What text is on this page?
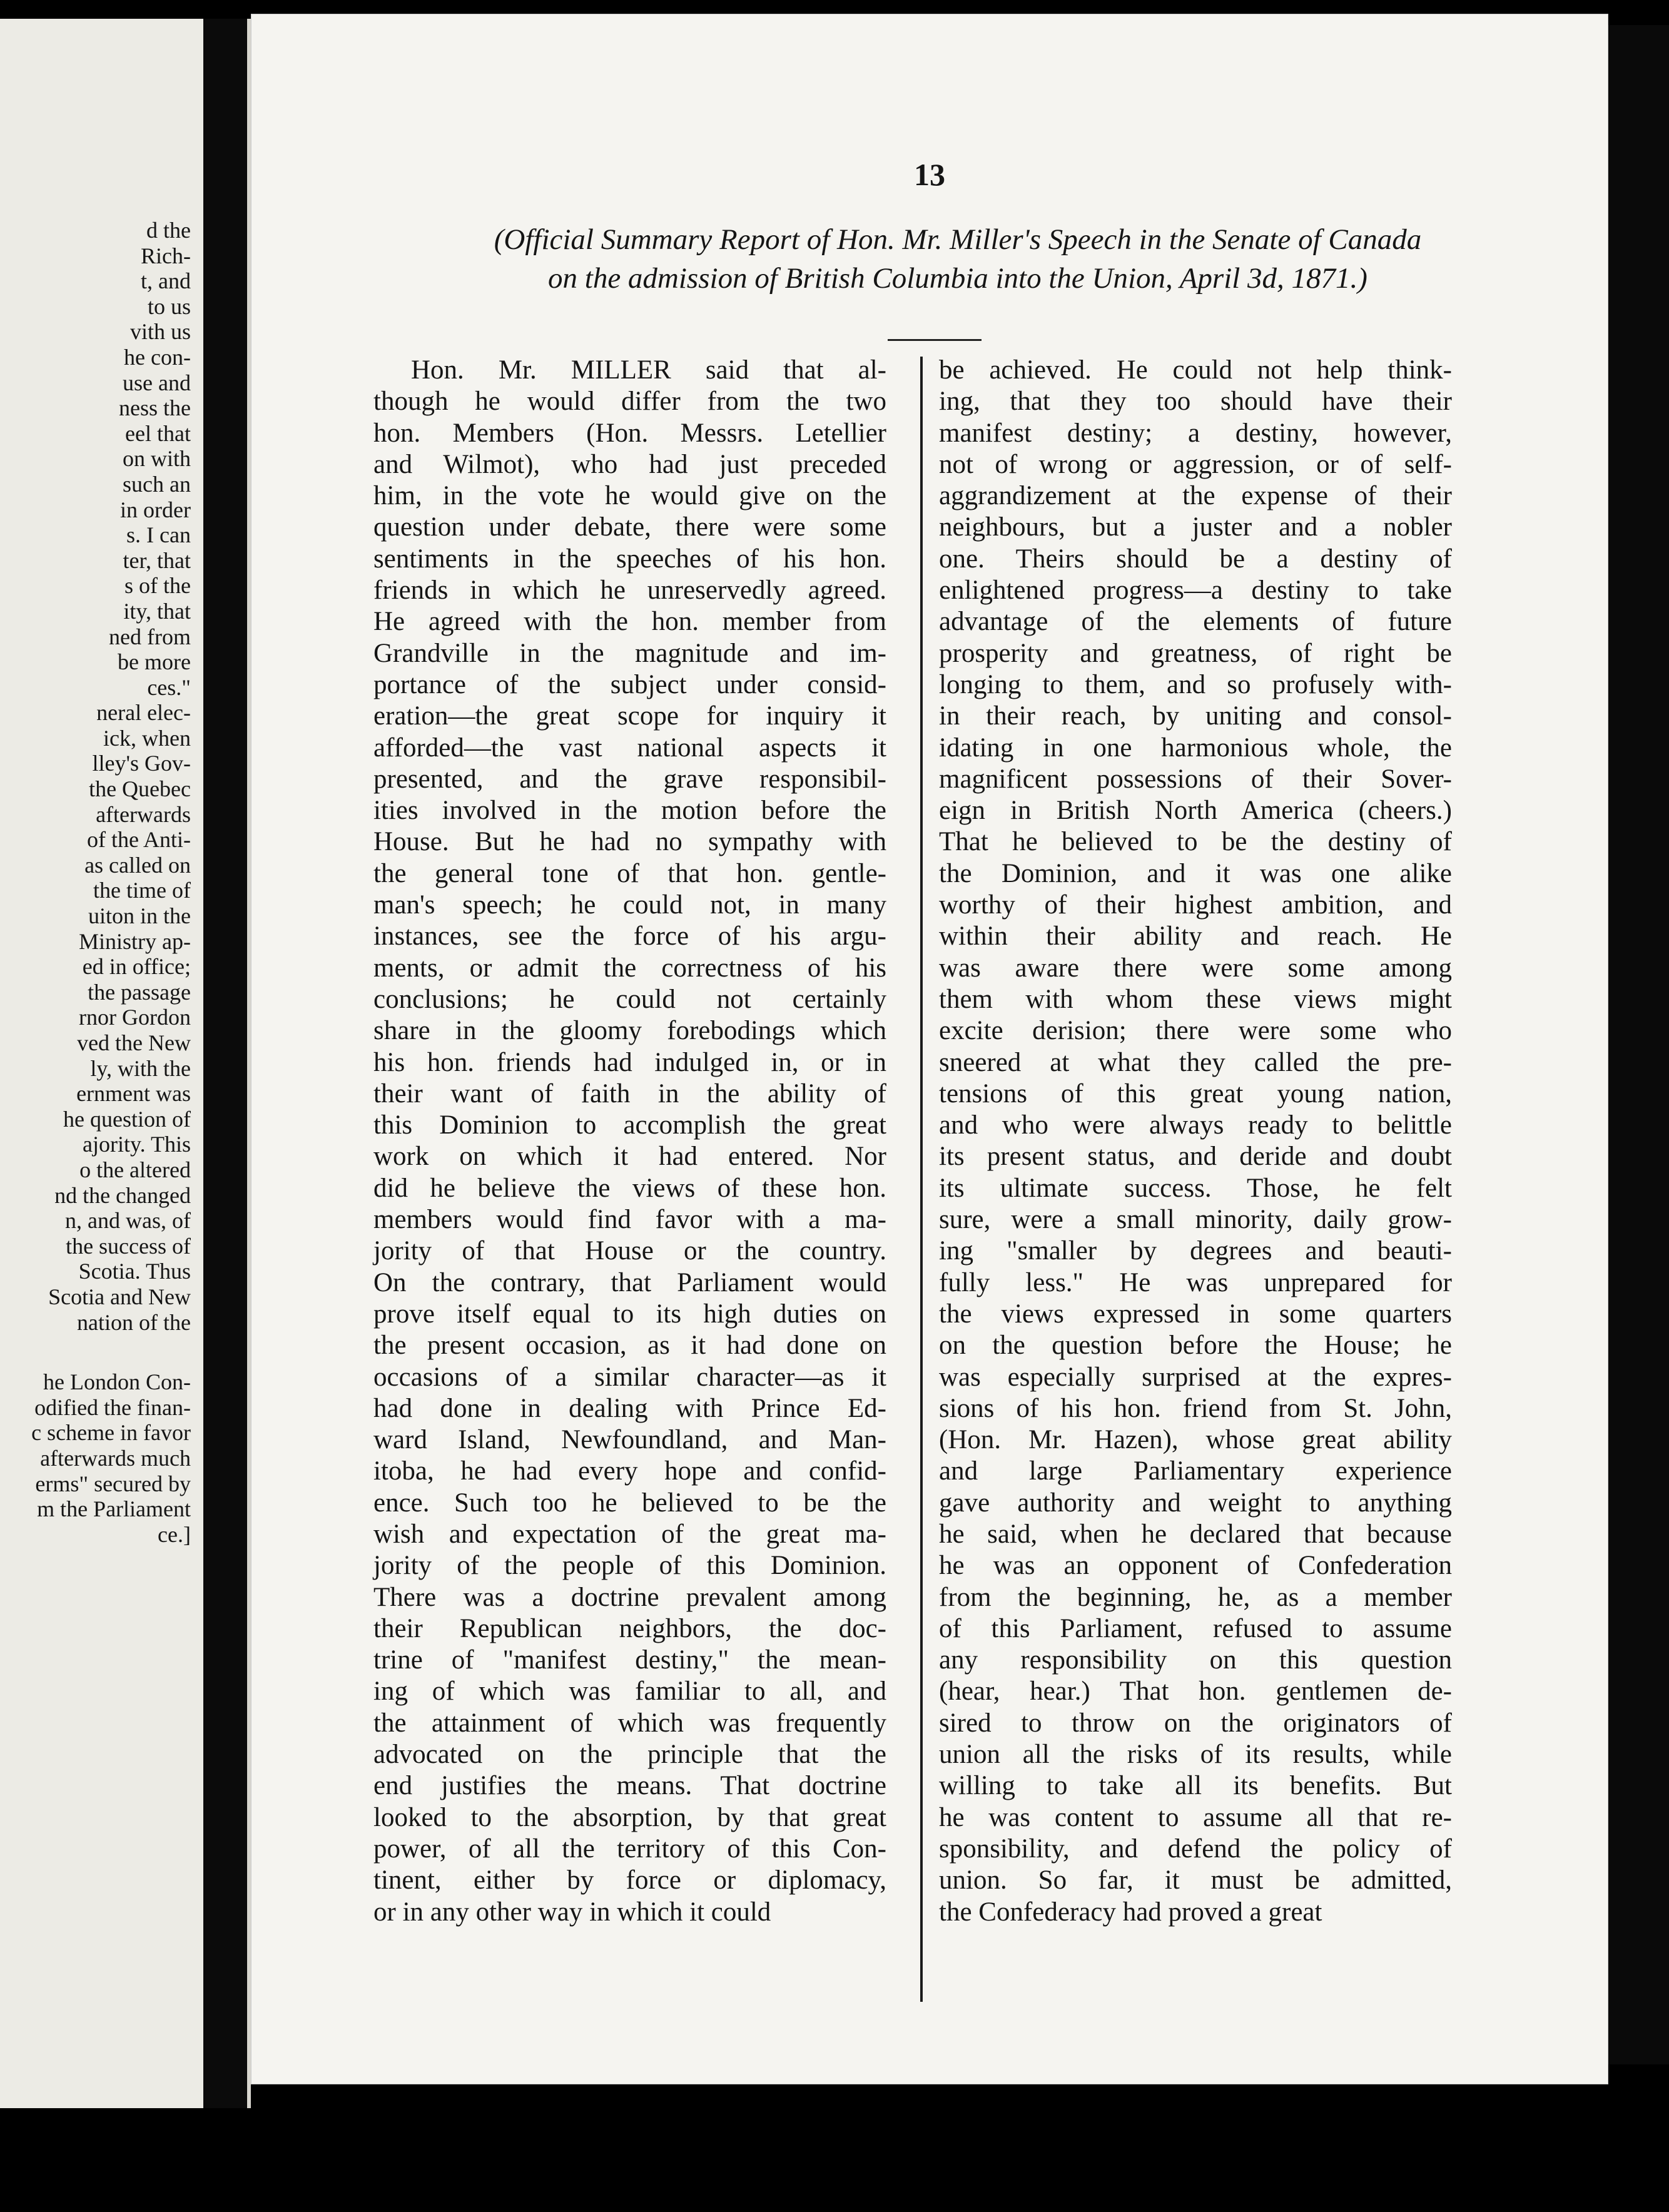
d the
Rich-
t, and
to us
vith us
he con-
use and
ness the
eel that
on with
such an
in order
s. I can
ter, that
s of the
ity, that
ned from
be more
ces."
neral elec-
ick, when
lley's Gov-
the Quebec
afterwards
of the Anti-
as called on
the time of
uiton in the
Ministry ap-
ed in office;
the passage
rnor Gordon
ved the New
ly, with the
ernment was
he question of
ajority. This
o the altered
nd the changed
n, and was, of
the success of
Scotia. Thus
Scotia and New
nation of the
he London Con-
odified the finan-
c scheme in favor
afterwards much
erms" secured by
m the Parliament
ce.]
13
(Official Summary Report of Hon. Mr. Miller's Speech in the Senate of Canada
on the admission of British Columbia into the Union, April 3d, 1871.)

Hon. Mr. MILLER said that al-

though he would differ from the two

hon. Members (Hon. Messrs. Letellier

and Wilmot), who had just preceded

him, in the vote he would give on the

question under debate, there were some

sentiments in the speeches of his hon.

friends in which he unreservedly agreed.

He agreed with the hon. member from

Grandville in the magnitude and im-

portance of the subject under consid-

eration—the great scope for inquiry it

afforded—the vast national aspects it

presented, and the grave responsibil-

ities involved in the motion before the

House. But he had no sympathy with

the general tone of that hon. gentle-

man's speech; he could not, in many

instances, see the force of his argu-

ments, or admit the correctness of his

conclusions; he could not certainly

share in the gloomy forebodings which

his hon. friends had indulged in, or in

their want of faith in the ability of

this Dominion to accomplish the great

work on which it had entered. Nor

did he believe the views of these hon.

members would find favor with a ma-

jority of that House or the country.

On the contrary, that Parliament would

prove itself equal to its high duties on

the present occasion, as it had done on

occasions of a similar character—as it

had done in dealing with Prince Ed-

ward Island, Newfoundland, and Man-

itoba, he had every hope and confid-

ence. Such too he believed to be the

wish and expectation of the great ma-

jority of the people of this Dominion.

There was a doctrine prevalent among

their Republican neighbors, the doc-

trine of "manifest destiny," the mean-

ing of which was familiar to all, and

the attainment of which was frequently

advocated on the principle that the

end justifies the means. That doctrine

looked to the absorption, by that great

power, of all the territory of this Con-

tinent, either by force or diplomacy,

or in any other way in which it could

be achieved. He could not help think-

ing, that they too should have their

manifest destiny; a destiny, however,

not of wrong or aggression, or of self-

aggrandizement at the expense of their

neighbours, but a juster and a nobler

one. Theirs should be a destiny of

enlightened progress—a destiny to take

advantage of the elements of future

prosperity and greatness, of right be

longing to them, and so profusely with-

in their reach, by uniting and consol-

idating in one harmonious whole, the

magnificent possessions of their Sover-

eign in British North America (cheers.)

That he believed to be the destiny of

the Dominion, and it was one alike

worthy of their highest ambition, and

within their ability and reach. He

was aware there were some among

them with whom these views might

excite derision; there were some who

sneered at what they called the pre-

tensions of this great young nation,

and who were always ready to belittle

its present status, and deride and doubt

its ultimate success. Those, he felt

sure, were a small minority, daily grow-

ing "smaller by degrees and beauti-

fully less." He was unprepared for

the views expressed in some quarters

on the question before the House; he

was especially surprised at the expres-

sions of his hon. friend from St. John,

(Hon. Mr. Hazen), whose great ability

and large Parliamentary experience

gave authority and weight to anything

he said, when he declared that because

he was an opponent of Confederation

from the beginning, he, as a member

of this Parliament, refused to assume

any responsibility on this question

(hear, hear.) That hon. gentlemen de-

sired to throw on the originators of

union all the risks of its results, while

willing to take all its benefits. But

he was content to assume all that re-

sponsibility, and defend the policy of

union. So far, it must be admitted,

the Confederacy had proved a great
